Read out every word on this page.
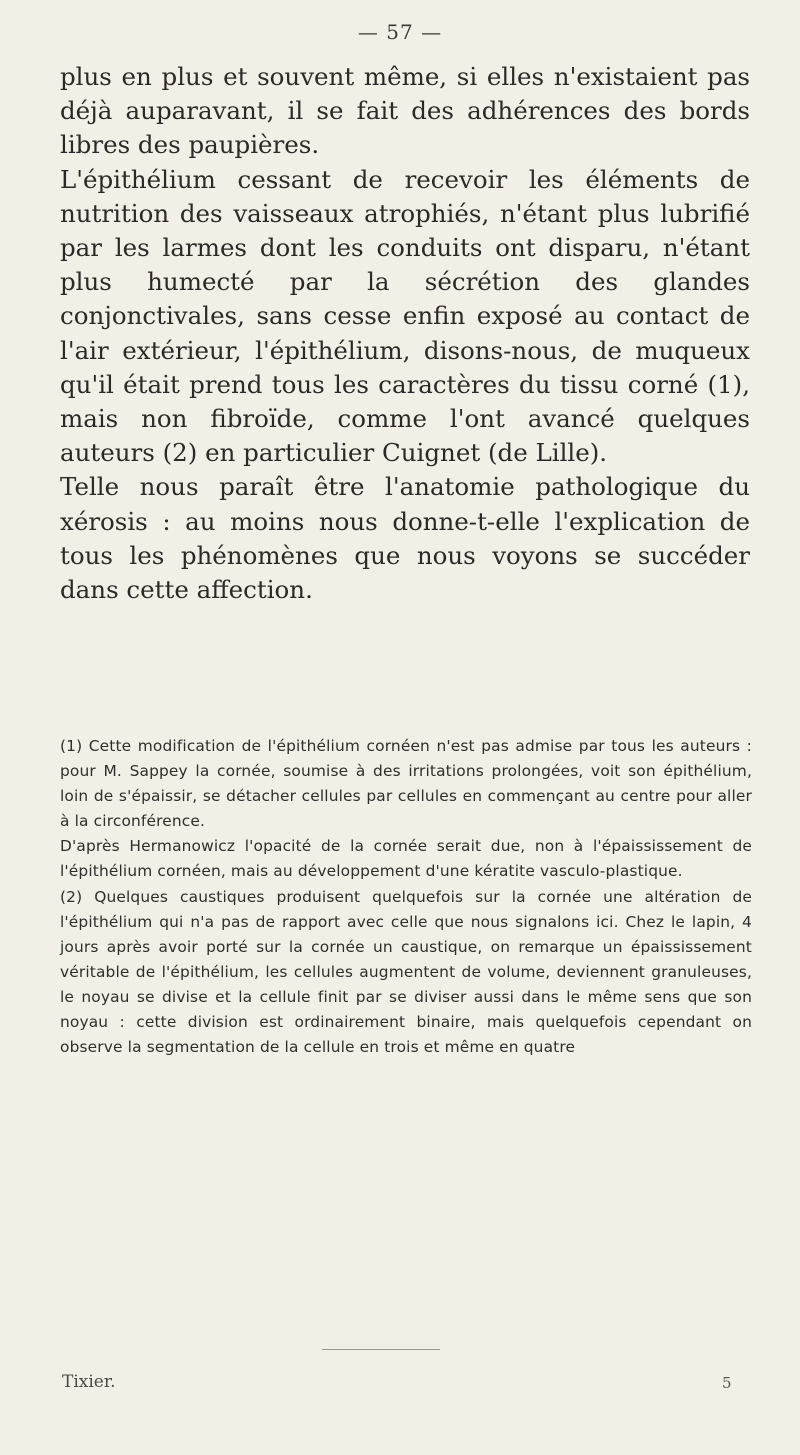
— 57 —

plus en plus et souvent même, si elles n'existaient pas déjà auparavant, il se fait des adhérences des bords libres des paupières.

L'épithélium cessant de recevoir les éléments de nutrition des vaisseaux atrophiés, n'étant plus lubrifié par les larmes dont les conduits ont disparu, n'étant plus humecté par la sécrétion des glandes conjonctivales, sans cesse enfin exposé au contact de l'air extérieur, l'épithélium, disons-nous, de muqueux qu'il était prend tous les caractères du tissu corné (1), mais non fibroïde, comme l'ont avancé quelques auteurs (2) en particulier Cuignet (de Lille).

Telle nous paraît être l'anatomie pathologique du xérosis : au moins nous donne-t-elle l'explication de tous les phénomènes que nous voyons se succéder dans cette affection.

(1) Cette modification de l'épithélium cornéen n'est pas admise par tous les auteurs : pour M. Sappey la cornée, soumise à des irritations prolongées, voit son épithélium, loin de s'épaissir, se détacher cellules par cellules en commençant au centre pour aller à la circonférence.

D'après Hermanowicz l'opacité de la cornée serait due, non à l'épaississement de l'épithélium cornéen, mais au développement d'une kératite vasculo-plastique.

(2) Quelques caustiques produisent quelquefois sur la cornée une altération de l'épithélium qui n'a pas de rapport avec celle que nous signalons ici. Chez le lapin, 4 jours après avoir porté sur la cornée un caustique, on remarque un épaississement véritable de l'épithélium, les cellules augmentent de volume, deviennent granuleuses, le noyau se divise et la cellule finit par se diviser aussi dans le même sens que son noyau : cette division est ordinairement binaire, mais quelquefois cependant on observe la segmentation de la cellule en trois et même en quatre

Tixier.	5
